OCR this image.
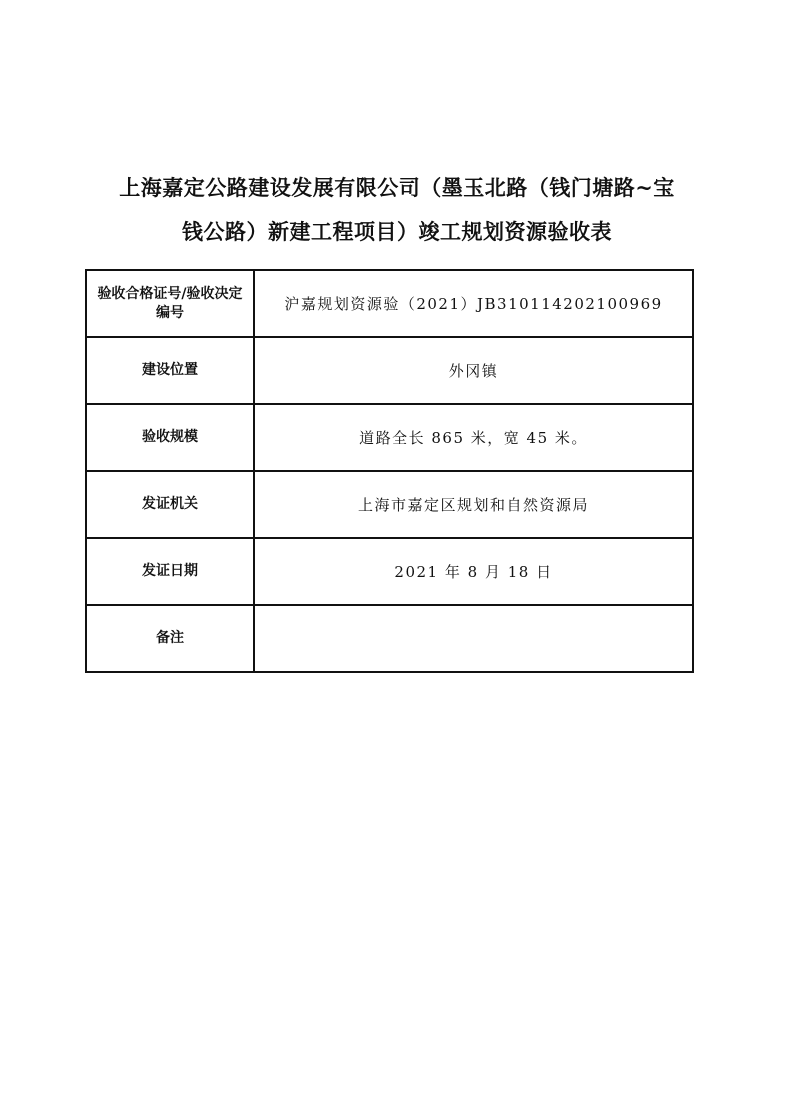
上海嘉定公路建设发展有限公司（墨玉北路（钱门塘路~宝
钱公路）新建工程项目）竣工规划资源验收表
验收合格证号/验收决定编号	沪嘉规划资源验（2021）JB310114202100969
建设位置	外冈镇
验收规模	道路全长 865 米，宽 45 米。
发证机关	上海市嘉定区规划和自然资源局
发证日期	2021 年 8 月 18 日
备注	
